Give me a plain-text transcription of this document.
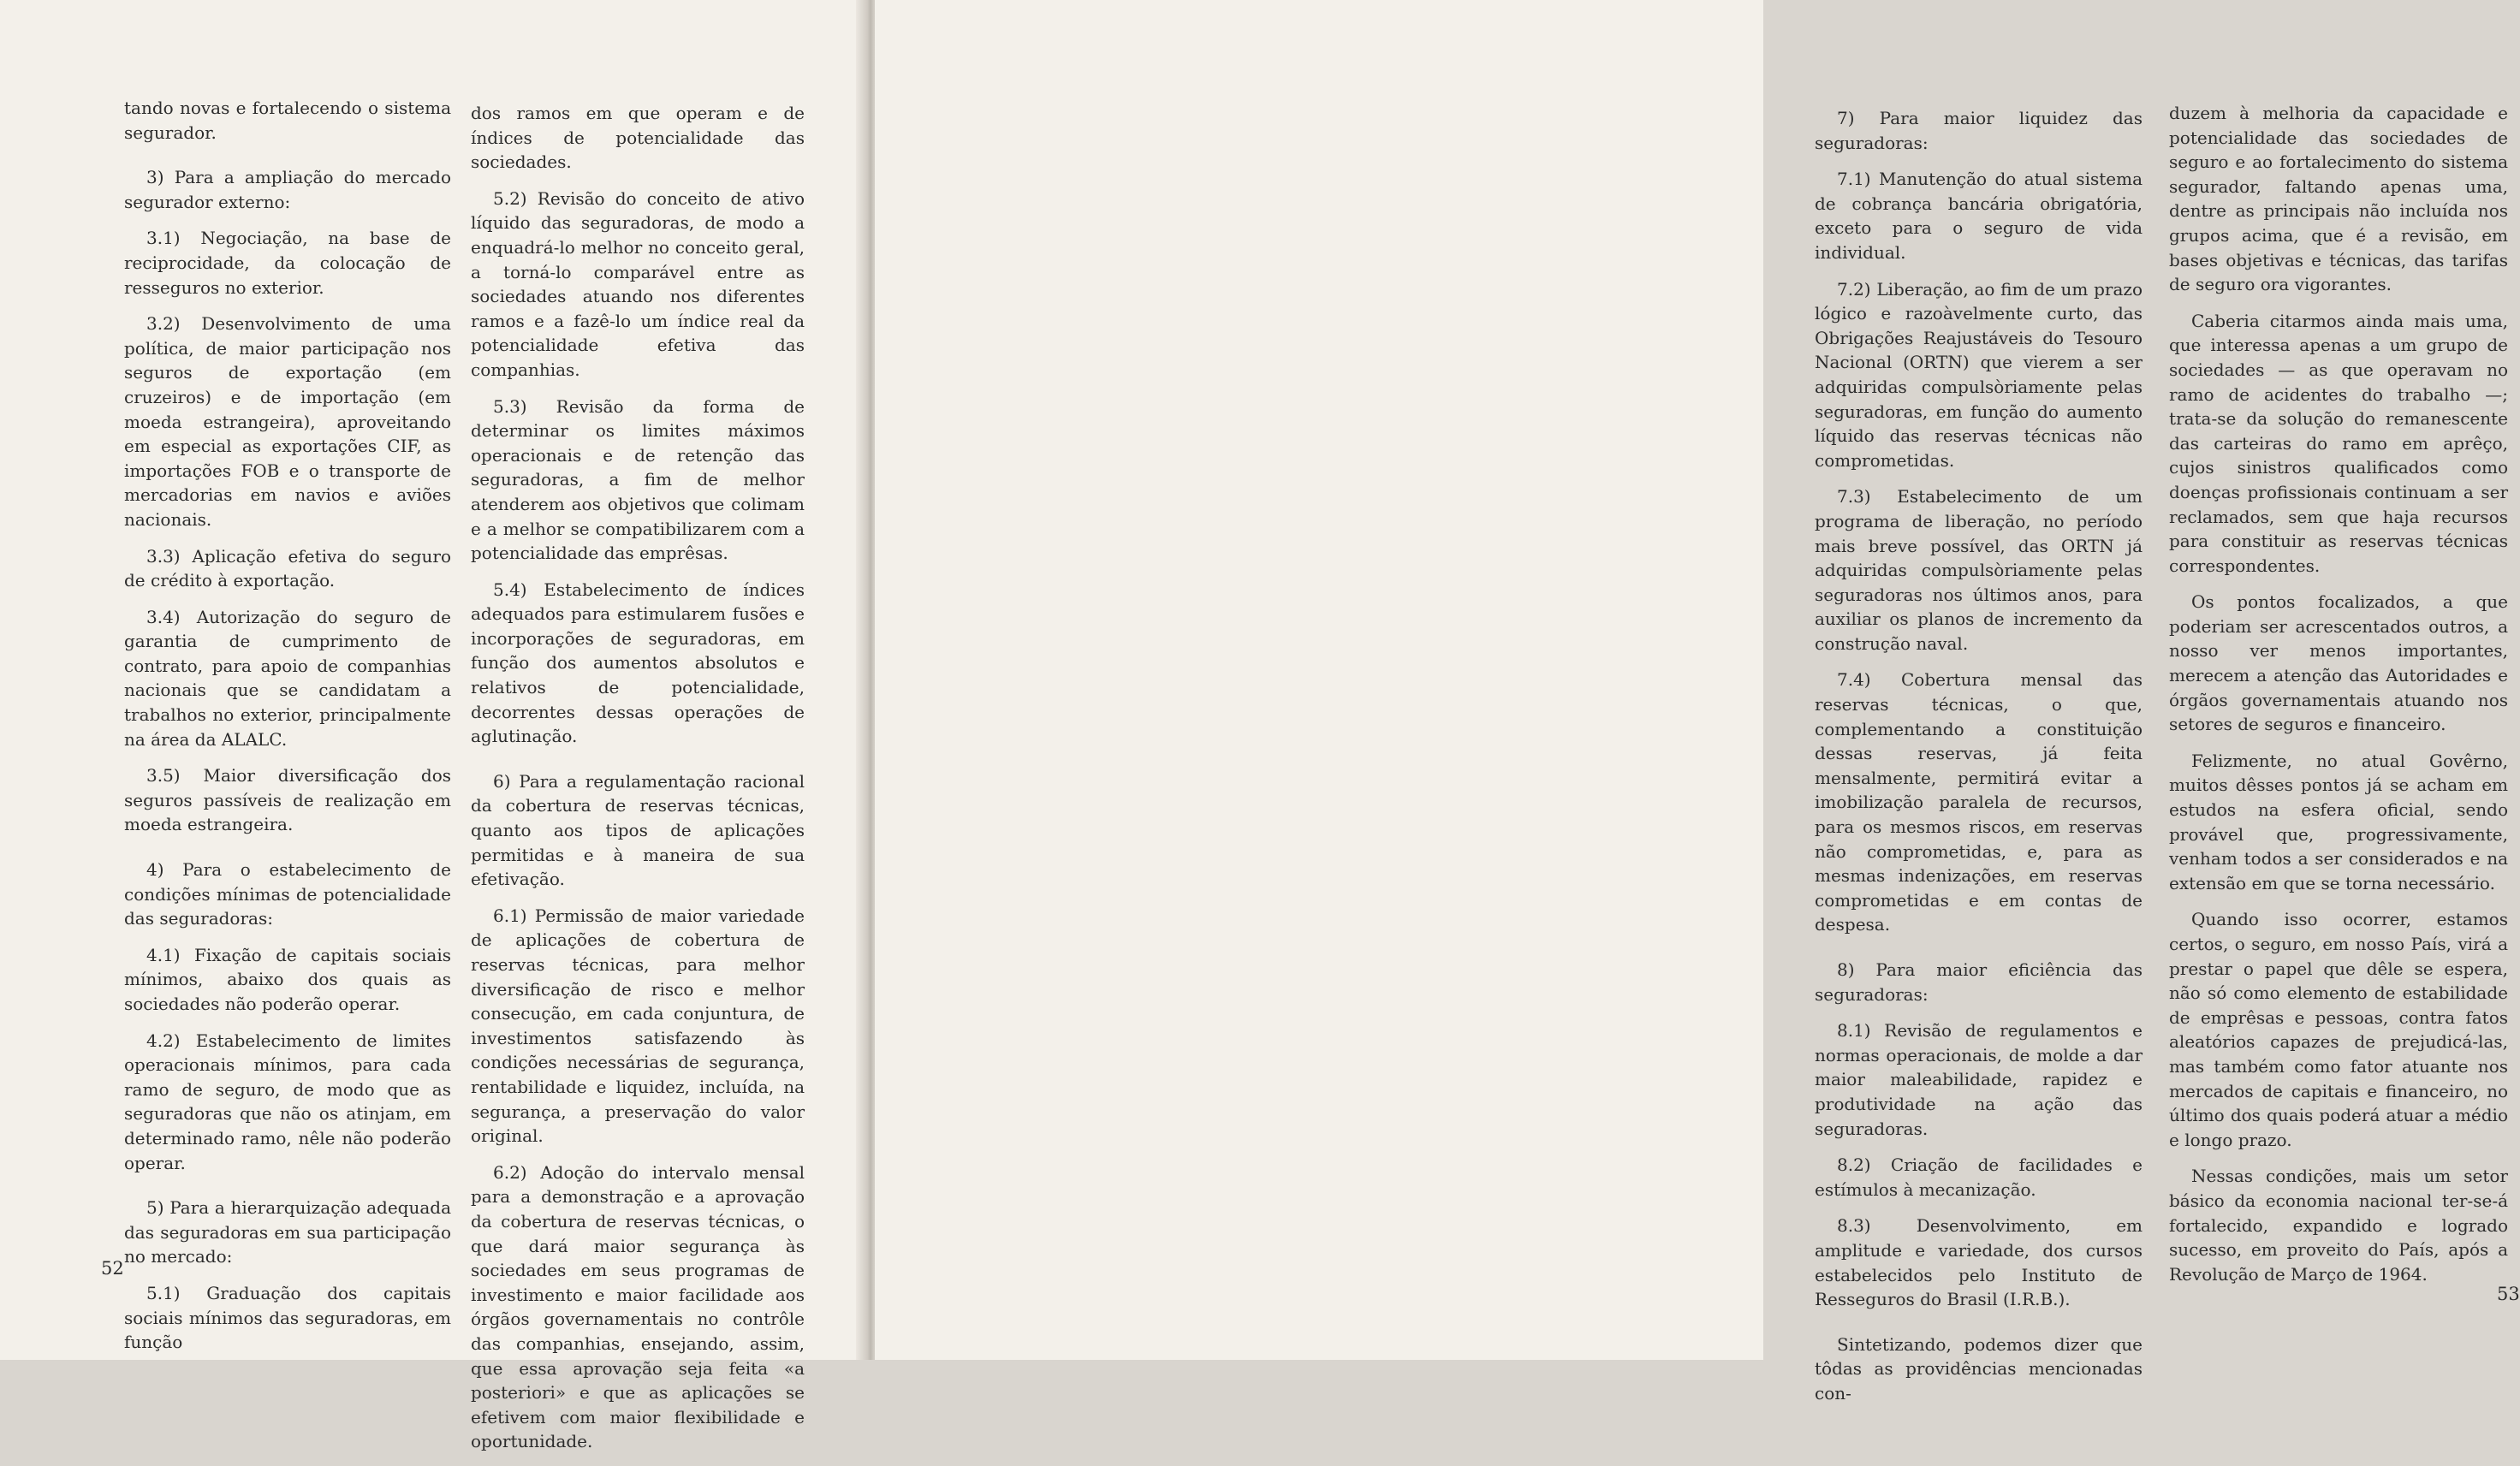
tando novas e fortalecendo o sistema segurador.

3) Para a ampliação do mercado segurador externo:

3.1) Negociação, na base de reciprocidade, da colocação de resseguros no exterior.

3.2) Desenvolvimento de uma política, de maior participação nos seguros de exportação (em cruzeiros) e de importação (em moeda estrangeira), aproveitando em especial as exportações CIF, as importações FOB e o transporte de mercadorias em navios e aviões nacionais.

3.3) Aplicação efetiva do seguro de crédito à exportação.

3.4) Autorização do seguro de garantia de cumprimento de contrato, para apoio de companhias nacionais que se candidatam a trabalhos no exterior, principalmente na área da ALALC.

3.5) Maior diversificação dos seguros passíveis de realização em moeda estrangeira.

4) Para o estabelecimento de condições mínimas de potencialidade das seguradoras:

4.1) Fixação de capitais sociais mínimos, abaixo dos quais as sociedades não poderão operar.

4.2) Estabelecimento de limites operacionais mínimos, para cada ramo de seguro, de modo que as seguradoras que não os atinjam, em determinado ramo, nêle não poderão operar.

5) Para a hierarquização adequada das seguradoras em sua participação no mercado:

5.1) Graduação dos capitais sociais mínimos das seguradoras, em função

dos ramos em que operam e de índices de potencialidade das sociedades.

5.2) Revisão do conceito de ativo líquido das seguradoras, de modo a enquadrá-lo melhor no conceito geral, a torná-lo comparável entre as sociedades atuando nos diferentes ramos e a fazê-lo um índice real da potencialidade efetiva das companhias.

5.3) Revisão da forma de determinar os limites máximos operacionais e de retenção das seguradoras, a fim de melhor atenderem aos objetivos que colimam e a melhor se compatibilizarem com a potencialidade das emprêsas.

5.4) Estabelecimento de índices adequados para estimularem fusões e incorporações de seguradoras, em função dos aumentos absolutos e relativos de potencialidade, decorrentes dessas operações de aglutinação.

6) Para a regulamentação racional da cobertura de reservas técnicas, quanto aos tipos de aplicações permitidas e à maneira de sua efetivação.

6.1) Permissão de maior variedade de aplicações de cobertura de reservas técnicas, para melhor diversificação de risco e melhor consecução, em cada conjuntura, de investimentos satisfazendo às condições necessárias de segurança, rentabilidade e liquidez, incluída, na segurança, a preservação do valor original.

6.2) Adoção do intervalo mensal para a demonstração e a aprovação da cobertura de reservas técnicas, o que dará maior segurança às sociedades em seus programas de investimento e maior facilidade aos órgãos governamentais no contrôle das companhias, ensejando, assim, que essa aprovação seja feita «a posteriori» e que as aplicações se efetivem com maior flexibilidade e oportunidade.

52

7) Para maior liquidez das seguradoras:

7.1) Manutenção do atual sistema de cobrança bancária obrigatória, exceto para o seguro de vida individual.

7.2) Liberação, ao fim de um prazo lógico e razoàvelmente curto, das Obrigações Reajustáveis do Tesouro Nacional (ORTN) que vierem a ser adquiridas compulsòriamente pelas seguradoras, em função do aumento líquido das reservas técnicas não comprometidas.

7.3) Estabelecimento de um programa de liberação, no período mais breve possível, das ORTN já adquiridas compulsòriamente pelas seguradoras nos últimos anos, para auxiliar os planos de incremento da construção naval.

7.4) Cobertura mensal das reservas técnicas, o que, complementando a constituição dessas reservas, já feita mensalmente, permitirá evitar a imobilização paralela de recursos, para os mesmos riscos, em reservas não comprometidas, e, para as mesmas indenizações, em reservas comprometidas e em contas de despesa.

8) Para maior eficiência das seguradoras:

8.1) Revisão de regulamentos e normas operacionais, de molde a dar maior maleabilidade, rapidez e produtividade na ação das seguradoras.

8.2) Criação de facilidades e estímulos à mecanização.

8.3) Desenvolvimento, em amplitude e variedade, dos cursos estabelecidos pelo Instituto de Resseguros do Brasil (I.R.B.).

Sintetizando, podemos dizer que tôdas as providências mencionadas con-

duzem à melhoria da capacidade e potencialidade das sociedades de seguro e ao fortalecimento do sistema segurador, faltando apenas uma, dentre as principais não incluída nos grupos acima, que é a revisão, em bases objetivas e técnicas, das tarifas de seguro ora vigorantes.

Caberia citarmos ainda mais uma, que interessa apenas a um grupo de sociedades — as que operavam no ramo de acidentes do trabalho —; trata-se da solução do remanescente das carteiras do ramo em aprêço, cujos sinistros qualificados como doenças profissionais continuam a ser reclamados, sem que haja recursos para constituir as reservas técnicas correspondentes.

Os pontos focalizados, a que poderiam ser acrescentados outros, a nosso ver menos importantes, merecem a atenção das Autoridades e órgãos governamentais atuando nos setores de seguros e financeiro.

Felizmente, no atual Govêrno, muitos dêsses pontos já se acham em estudos na esfera oficial, sendo provável que, progressivamente, venham todos a ser considerados e na extensão em que se torna necessário.

Quando isso ocorrer, estamos certos, o seguro, em nosso País, virá a prestar o papel que dêle se espera, não só como elemento de estabilidade de emprêsas e pessoas, contra fatos aleatórios capazes de prejudicá-las, mas também como fator atuante nos mercados de capitais e financeiro, no último dos quais poderá atuar a médio e longo prazo.

Nessas condições, mais um setor básico da economia nacional ter-se-á fortalecido, expandido e logrado sucesso, em proveito do País, após a Revolução de Março de 1964.

53
